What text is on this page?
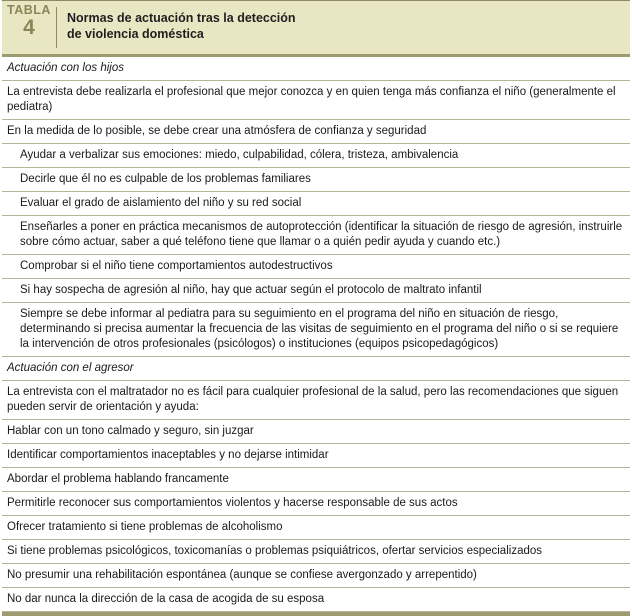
TABLA
4	Normas de actuación tras la detección
de violencia doméstica
Actuación con los hijos
La entrevista debe realizarla el profesional que mejor conozca y en quien tenga más confianza el niño (generalmente el pediatra)
En la medida de lo posible, se debe crear una atmósfera de confianza y seguridad
Ayudar a verbalizar sus emociones: miedo, culpabilidad, cólera, tristeza, ambivalencia
Decirle que él no es culpable de los problemas familiares
Evaluar el grado de aislamiento del niño y su red social
Enseñarles a poner en práctica mecanismos de autoprotección (identificar la situación de riesgo de agresión, instruirle sobre cómo actuar, saber a qué teléfono tiene que llamar o a quién pedir ayuda y cuando etc.)
Comprobar si el niño tiene comportamientos autodestructivos
Si hay sospecha de agresión al niño, hay que actuar según el protocolo de maltrato infantil
Siempre se debe informar al pediatra para su seguimiento en el programa del niño en situación de riesgo, determinando si precisa aumentar la frecuencia de las visitas de seguimiento en el programa del niño o si se requiere la intervención de otros profesionales (psicólogos) o instituciones (equipos psicopedagógicos)
Actuación con el agresor
La entrevista con el maltratador no es fácil para cualquier profesional de la salud, pero las recomendaciones que siguen pueden servir de orientación y ayuda:
Hablar con un tono calmado y seguro, sin juzgar
Identificar comportamientos inaceptables y no dejarse intimidar
Abordar el problema hablando francamente
Permitirle reconocer sus comportamientos violentos y hacerse responsable de sus actos
Ofrecer tratamiento si tiene problemas de alcoholismo
Si tiene problemas psicológicos, toxicomanías o problemas psiquiátricos, ofertar servicios especializados
No presumir una rehabilitación espontánea (aunque se confiese avergonzado y arrepentido)
No dar nunca la dirección de la casa de acogida de su esposa
